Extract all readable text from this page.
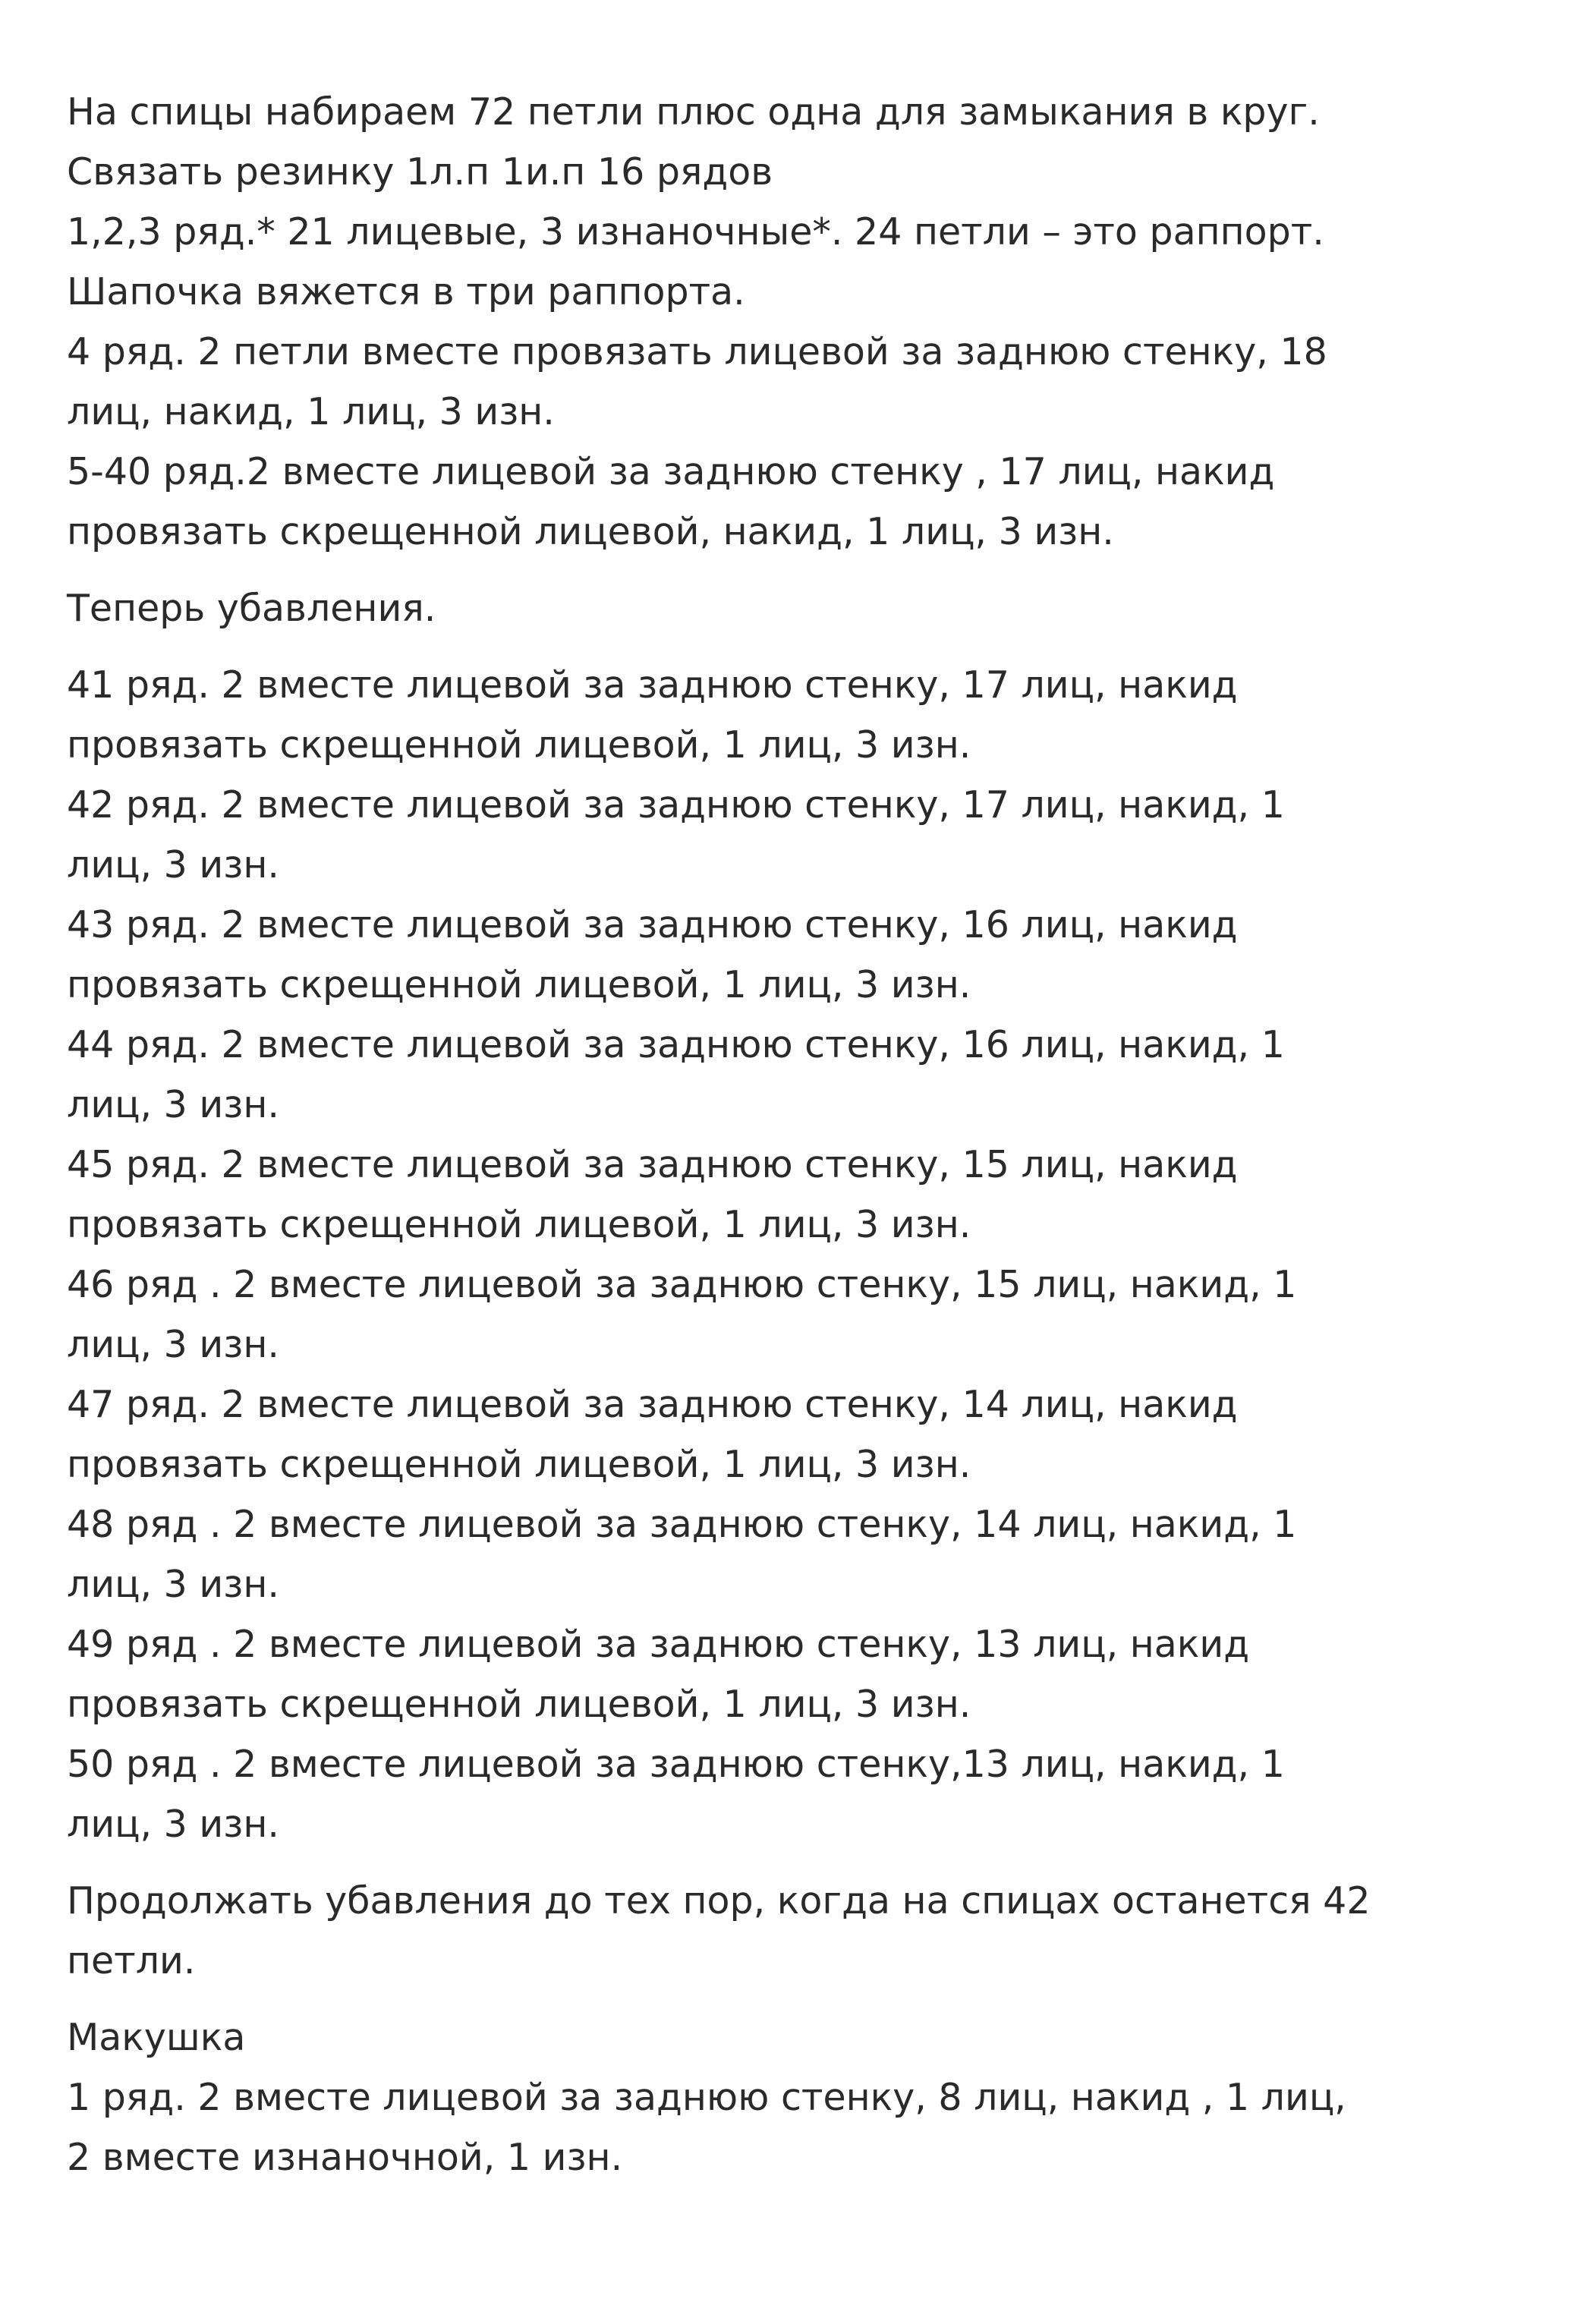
На спицы набираем 72 петли плюс одна для замыкания в круг.
Связать резинку 1л.п 1и.п 16 рядов
1,2,3 ряд.* 21 лицевые, 3 изнаночные*. 24 петли – это раппорт.
Шапочка вяжется в три раппорта.
4 ряд. 2 петли вместе провязать лицевой за заднюю стенку, 18
лиц, накид, 1 лиц, 3 изн.
5-40 ряд.2 вместе лицевой за заднюю стенку , 17 лиц, накид
провязать скрещенной лицевой, накид, 1 лиц, 3 изн.

Теперь убавления.

41 ряд. 2 вместе лицевой за заднюю стенку, 17 лиц, накид
провязать скрещенной лицевой, 1 лиц, 3 изн.
42 ряд. 2 вместе лицевой за заднюю стенку, 17 лиц, накид, 1
лиц, 3 изн.
43 ряд. 2 вместе лицевой за заднюю стенку, 16 лиц, накид
провязать скрещенной лицевой, 1 лиц, 3 изн.
44 ряд. 2 вместе лицевой за заднюю стенку, 16 лиц, накид, 1
лиц, 3 изн.
45 ряд. 2 вместе лицевой за заднюю стенку, 15 лиц, накид
провязать скрещенной лицевой, 1 лиц, 3 изн.
46 ряд . 2 вместе лицевой за заднюю стенку, 15 лиц, накид, 1
лиц, 3 изн.
47 ряд. 2 вместе лицевой за заднюю стенку, 14 лиц, накид
провязать скрещенной лицевой, 1 лиц, 3 изн.
48 ряд . 2 вместе лицевой за заднюю стенку, 14 лиц, накид, 1
лиц, 3 изн.
49 ряд . 2 вместе лицевой за заднюю стенку, 13 лиц, накид
провязать скрещенной лицевой, 1 лиц, 3 изн.
50 ряд . 2 вместе лицевой за заднюю стенку,13 лиц, накид, 1
лиц, 3 изн.

Продолжать убавления до тех пор, когда на спицах останется 42
петли.

Макушка
1 ряд. 2 вместе лицевой за заднюю стенку, 8 лиц, накид , 1 лиц,
2 вместе изнаночной, 1 изн.
